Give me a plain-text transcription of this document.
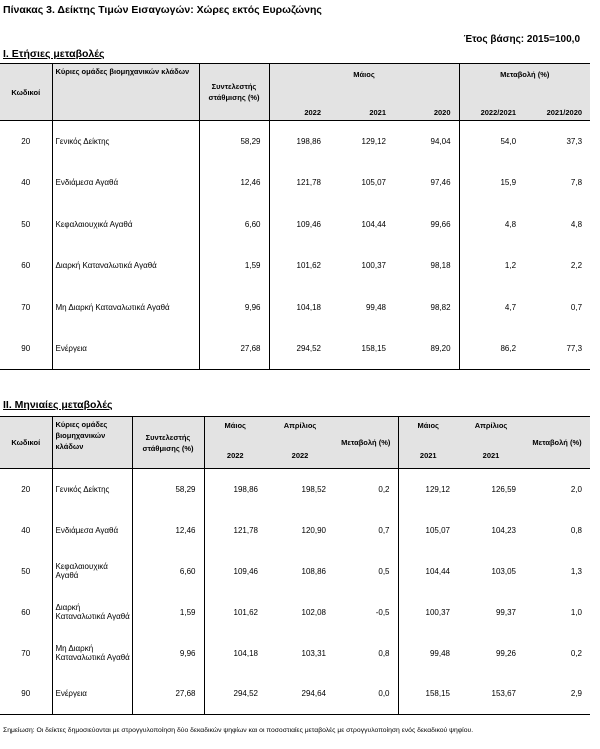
Πίνακας 3. Δείκτης Τιμών Εισαγωγών: Χώρες εκτός Ευρωζώνης
Έτος βάσης: 2015=100,0
I. Ετήσιες μεταβολές
Κωδικοί	Κύριες ομάδες βιομηχανικών κλάδων	Συντελεστής στάθμισης (%)	Μάιος			Μεταβολή (%)	
			2022	2021	2020	2022/2021	2021/2020
20	Γενικός Δείκτης	58,29	198,86	129,12	94,04	54,0	37,3
40	Ενδιάμεσα Αγαθά	12,46	121,78	105,07	97,46	15,9	7,8
50	Κεφαλαιουχικά Αγαθά	6,60	109,46	104,44	99,66	4,8	4,8
60	Διαρκή Καταναλωτικά Αγαθά	1,59	101,62	100,37	98,18	1,2	2,2
70	Μη Διαρκή Καταναλωτικά Αγαθά	9,96	104,18	99,48	98,82	4,7	0,7
90	Ενέργεια	27,68	294,52	158,15	89,20	86,2	77,3
II. Μηνιαίες μεταβολές
Κωδικοί	Κύριες ομάδες βιομηχανικών κλάδων	Συντελεστής στάθμισης (%)	Μάιος	Απρίλιος	Μεταβολή (%)	Μάιος	Απρίλιος	Μεταβολή (%)
			2022	2022		2021	2021	
20	Γενικός Δείκτης	58,29	198,86	198,52	0,2	129,12	126,59	2,0
40	Ενδιάμεσα Αγαθά	12,46	121,78	120,90	0,7	105,07	104,23	0,8
50	Κεφαλαιουχικά Αγαθά	6,60	109,46	108,86	0,5	104,44	103,05	1,3
60	Διαρκή Καταναλωτικά Αγαθά	1,59	101,62	102,08	-0,5	100,37	99,37	1,0
70	Μη Διαρκή Καταναλωτικά Αγαθά	9,96	104,18	103,31	0,8	99,48	99,26	0,2
90	Ενέργεια	27,68	294,52	294,64	0,0	158,15	153,67	2,9
Σημείωση: Οι δείκτες δημοσιεύονται με στρογγυλοποίηση δύο δεκαδικών ψηφίων και οι ποσοστιαίες μεταβολές με στρογγυλοποίηση ενός δεκαδικού ψηφίου.
